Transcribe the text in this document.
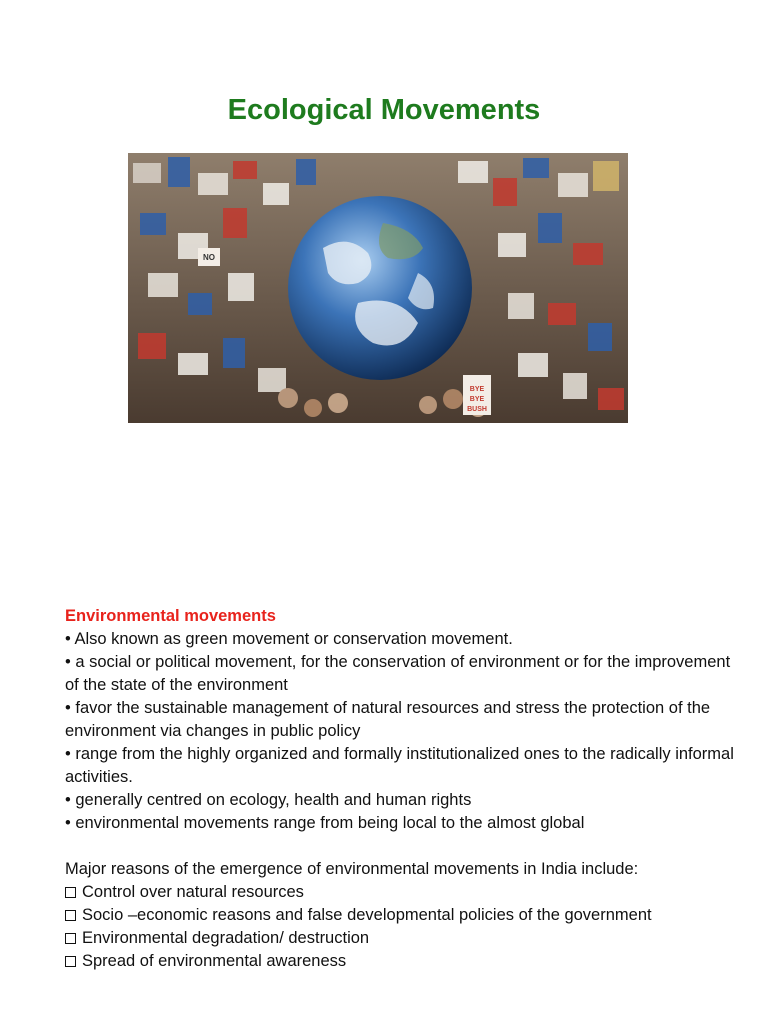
Ecological Movements
BYE
BYE
BUSH
NO

Environmental movements

• Also known as green movement or conservation movement.

• a social or political movement, for the conservation of environment or for the improvement of the state of the environment

• favor the sustainable management of natural resources and stress the protection of the environment via changes in public policy

• range from the highly organized and formally institutionalized ones to the radically informal activities.

• generally centred on ecology, health and human rights

• environmental movements range from being local to the almost global

Major reasons of the emergence of environmental movements in India include:

Control over natural resources

Socio –economic reasons and false developmental policies of the government

Environmental degradation/ destruction

Spread of environmental awareness
